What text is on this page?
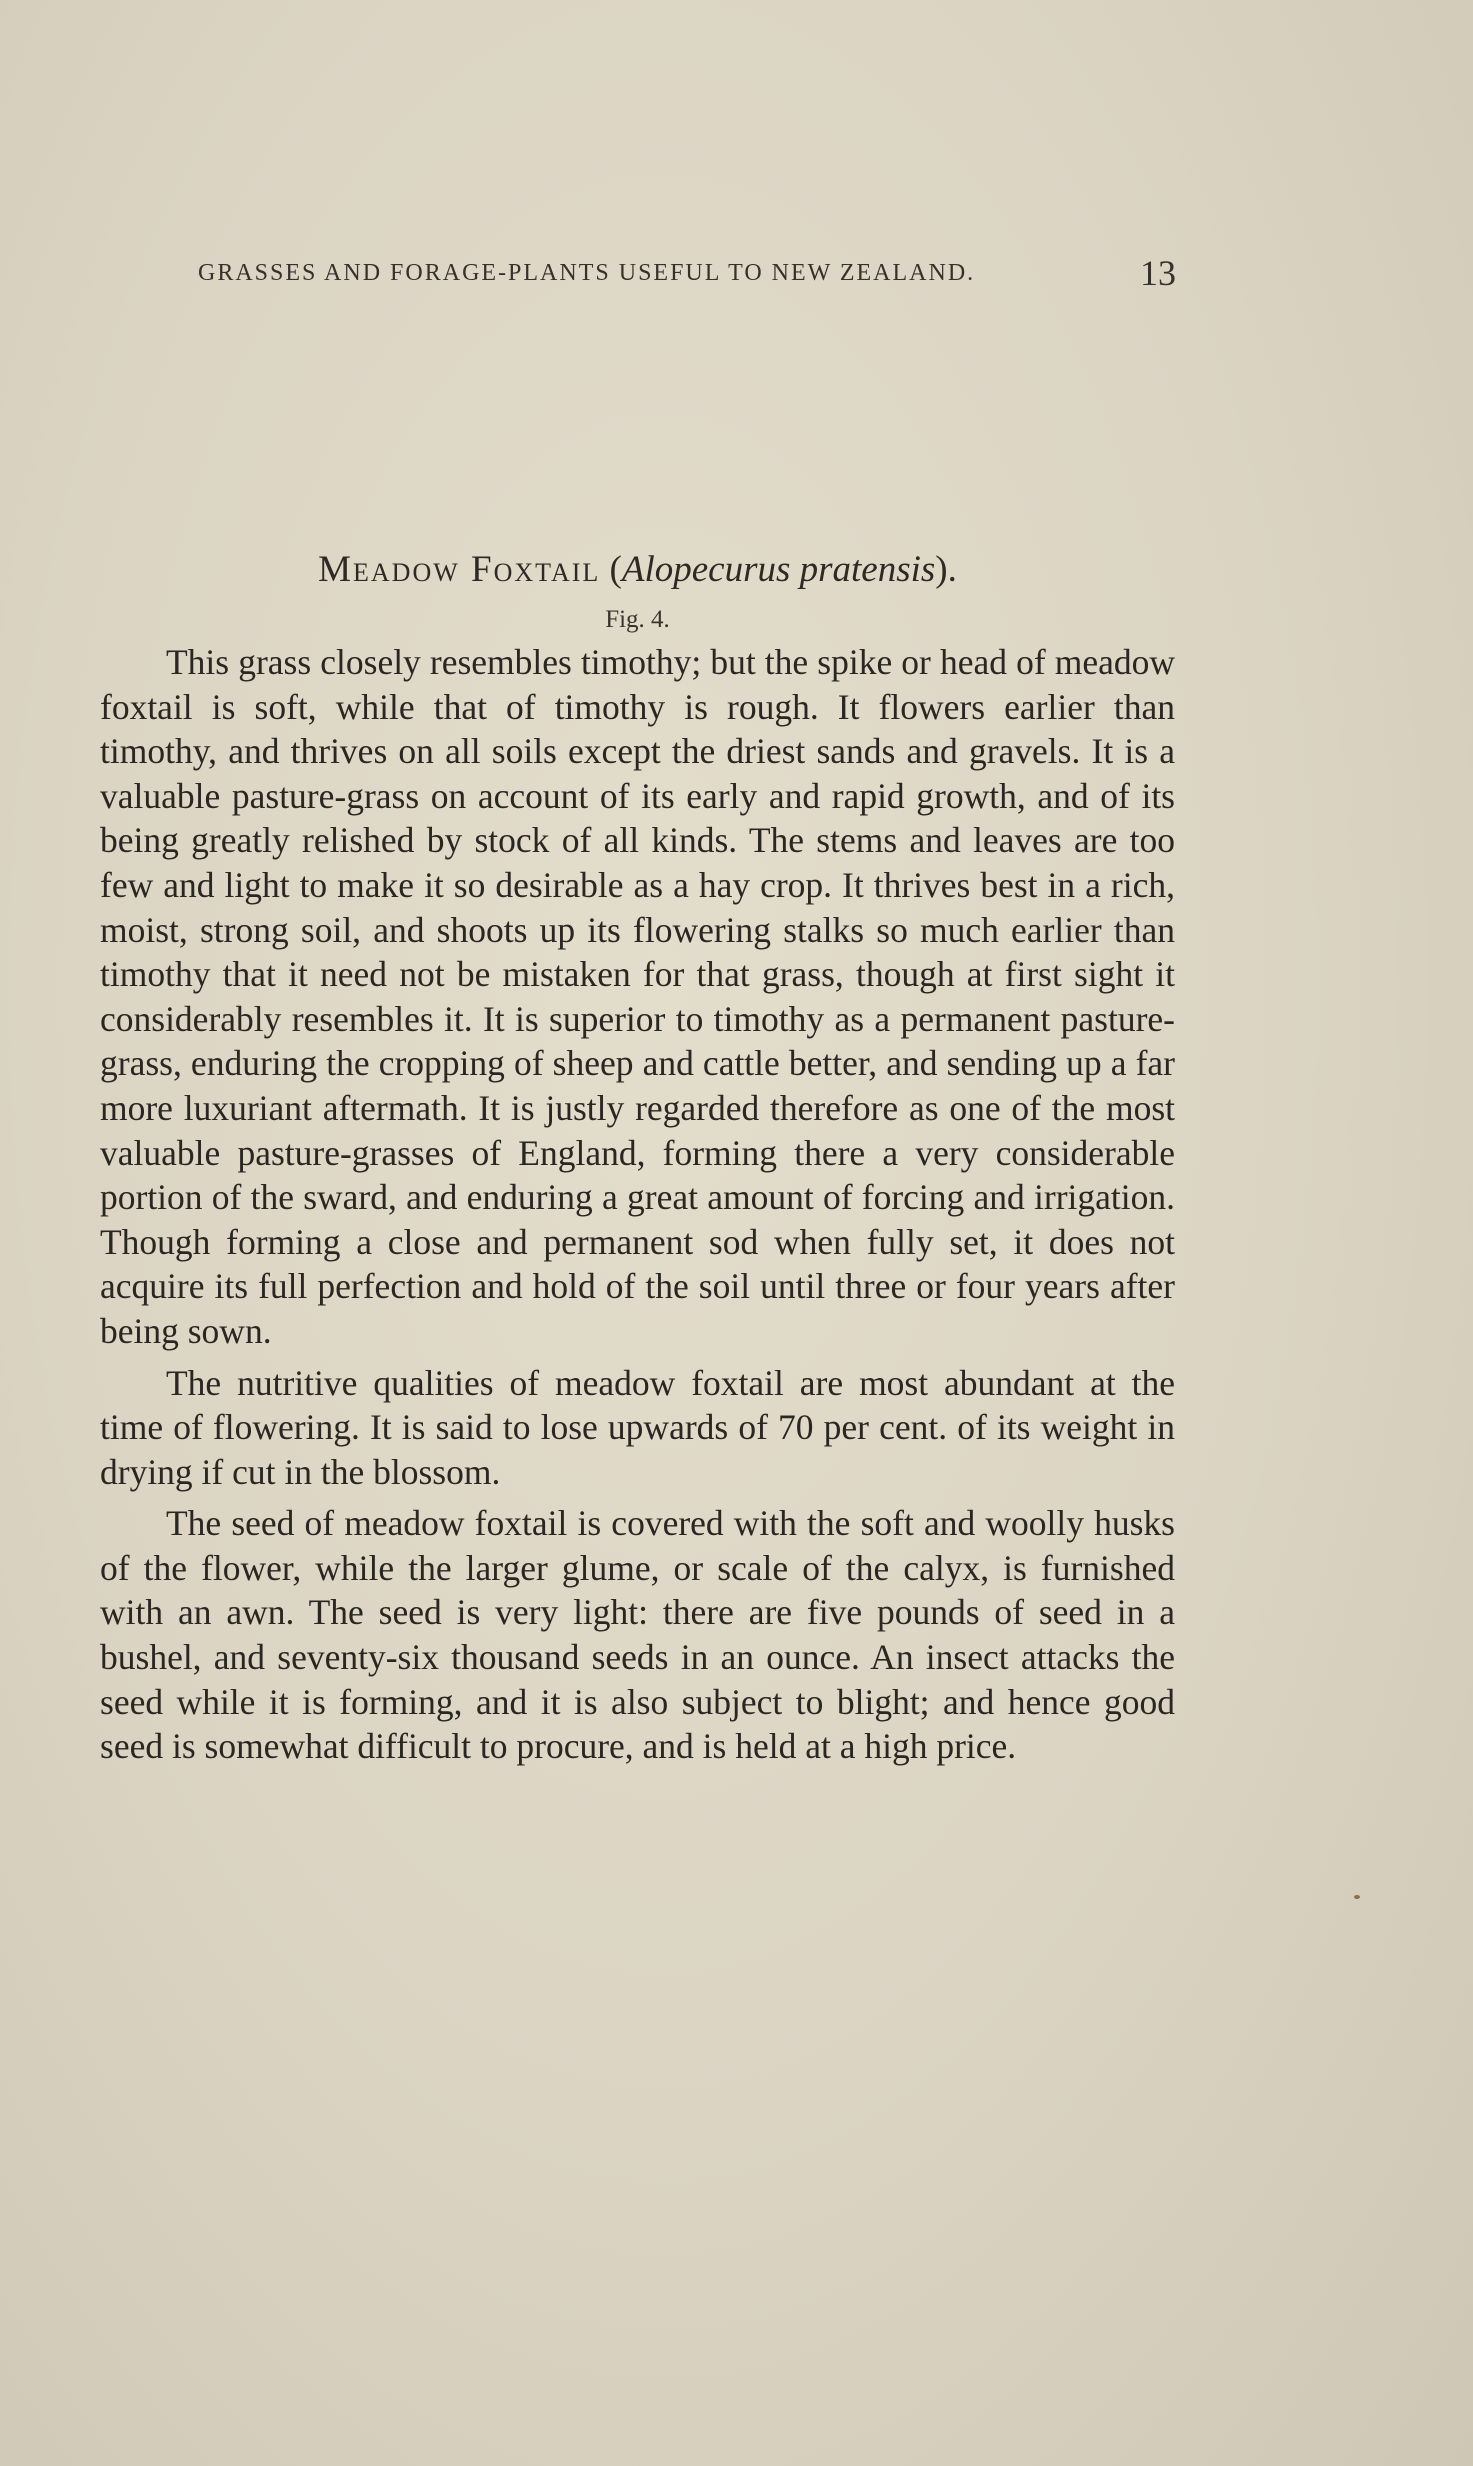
GRASSES AND FORAGE-PLANTS USEFUL TO NEW ZEALAND.	13
Meadow Foxtail (Alopecurus pratensis).
Fig. 4.

This grass closely resembles timothy; but the spike or head of meadow foxtail is soft, while that of timothy is rough. It flowers earlier than timothy, and thrives on all soils except the driest sands and gravels. It is a valuable pasture-grass on account of its early and rapid growth, and of its being greatly relished by stock of all kinds. The stems and leaves are too few and light to make it so desirable as a hay crop. It thrives best in a rich, moist, strong soil, and shoots up its flowering stalks so much earlier than timothy that it need not be mistaken for that grass, though at first sight it considerably resembles it. It is superior to timothy as a permanent pasture-grass, enduring the cropping of sheep and cattle better, and sending up a far more luxuriant aftermath. It is justly regarded therefore as one of the most valuable pasture-grasses of England, forming there a very considerable portion of the sward, and enduring a great amount of forcing and irrigation. Though forming a close and permanent sod when fully set, it does not acquire its full perfection and hold of the soil until three or four years after being sown.

The nutritive qualities of meadow foxtail are most abundant at the time of flowering. It is said to lose upwards of 70 per cent. of its weight in drying if cut in the blossom.

The seed of meadow foxtail is covered with the soft and woolly husks of the flower, while the larger glume, or scale of the calyx, is furnished with an awn. The seed is very light: there are five pounds of seed in a bushel, and seventy-six thousand seeds in an ounce. An insect attacks the seed while it is forming, and it is also subject to blight; and hence good seed is somewhat difficult to procure, and is held at a high price.
